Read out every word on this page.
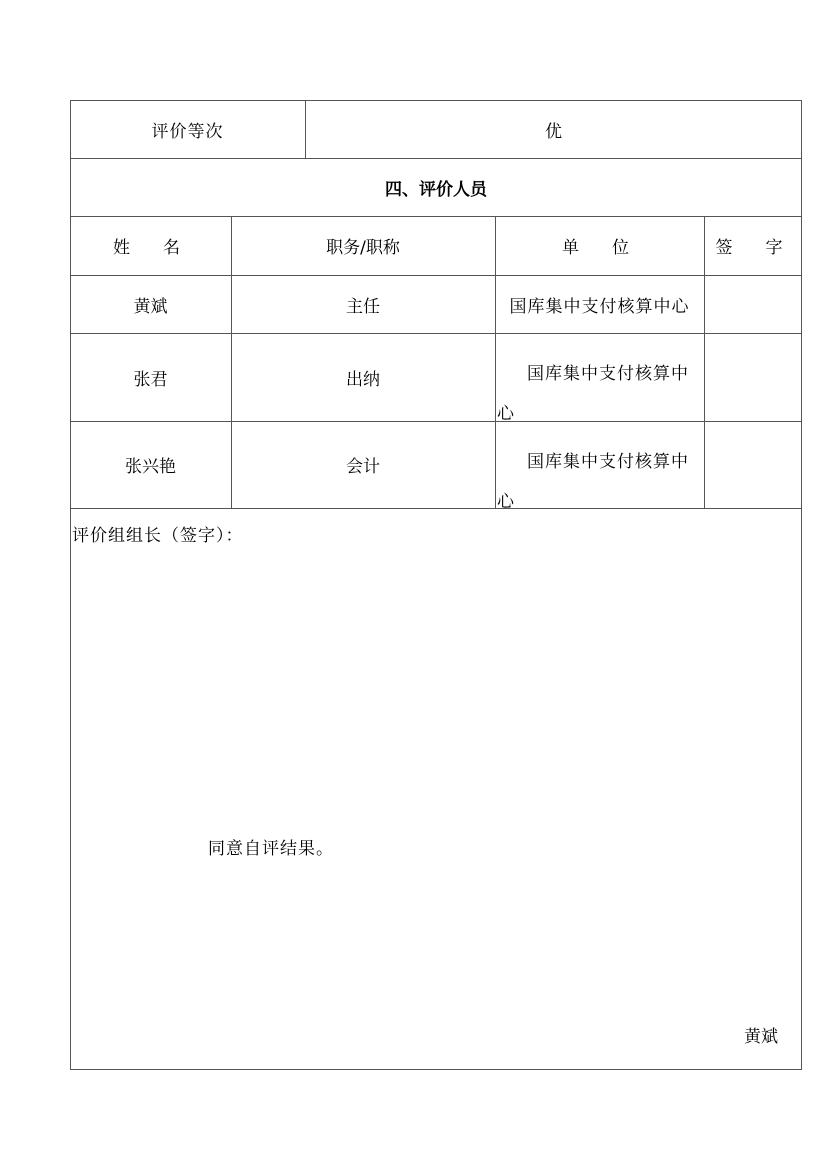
评价等次	优
四、评价人员
姓　名	职务/职称	单　位	签　字
黄斌	主任	国库集中支付核算中心
张君	出纳	国库集中支付核算中
心
张兴艳	会计	国库集中支付核算中
心
评价组组长（签字）：
同意自评结果。
黄斌
